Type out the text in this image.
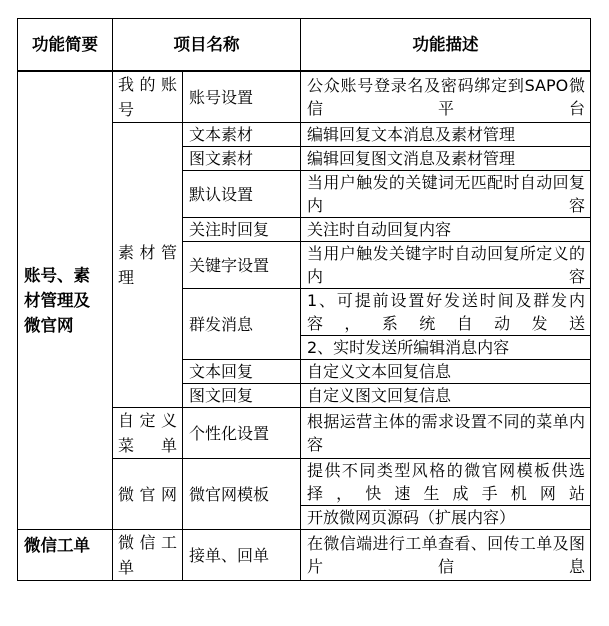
功能简要	项目名称		功能描述
账号、素材管理及微官网	我的账号	账号设置	公众账号登录名及密码绑定到SAPO微信平台
	素材管理	文本素材	编辑回复文本消息及素材管理
		图文素材	编辑回复图文消息及素材管理
		默认设置	当用户触发的关键词无匹配时自动回复内容
		关注时回复	关注时自动回复内容
		关键字设置	当用户触发关键字时自动回复所定义的内容
		群发消息	1、可提前设置好发送时间及群发内容，系统自动发送
			2、实时发送所编辑消息内容
		文本回复	自定义文本回复信息
		图文回复	自定义图文回复信息
	自定义菜单	个性化设置	根据运营主体的需求设置不同的菜单内容
	微官网	微官网模板	提供不同类型风格的微官网模板供选择，快速生成手机网站
			开放微网页源码（扩展内容）
微信工单	微信工单	接单、回单	在微信端进行工单查看、回传工单及图片信息
